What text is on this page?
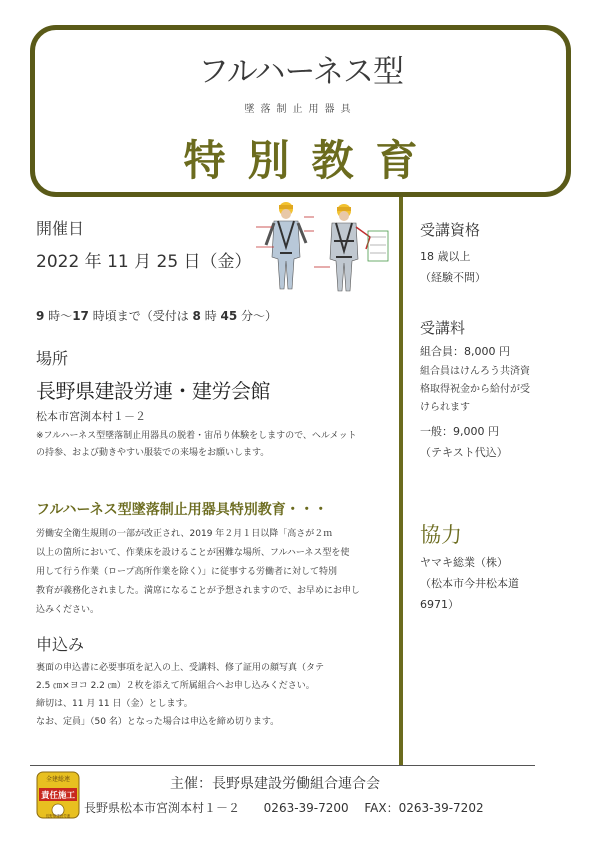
フルハーネス型
墜落制止用器具
特別教育
開催日
2022 年 11 月 25 日（金）
9 時～17 時頃まで（受付は 8 時 45 分～）
場所
長野県建設労連・建労会館
松本市宮渕本村１－２
※フルハーネス型墜落制止用器具の脱着・宙吊り体験をしますので、ヘルメット
の持参、および動きやすい服装での来場をお願いします。
フルハーネス型墜落制止用器具特別教育・・・
労働安全衛生規則の一部が改正され、2019 年２月１日以降「高さが２ｍ
以上の箇所において、作業床を設けることが困難な場所、フルハーネス型を使
用して行う作業（ロープ高所作業を除く）」に従事する労働者に対して特別
教育が義務化されました。満席になることが予想されますので、お早めにお申し
込みください。
申込み
裏面の申込書に必要事項を記入の上、受講料、修了証用の顔写真（タテ
2.5 ㎝×ヨコ 2.2 ㎝）２枚を添えて所属組合へお申し込みください。
締切は、11 月 11 日（金）とします。
なお、定員」（50 名）となった場合は申込を締め切ります。
受講資格
18 歳以上
（経験不問）
受講料
組合員：8,000 円
組合員はけんろう共済資
格取得祝金から給付が受
けられます
一般：9,000 円
（テキスト代込）
協力
ヤマキ総業（株）
（松本市今井松本道
6971）
全建総連
責任施工
長野県建設労連
主催：長野県建設労働組合連合会
長野県松本市宮渕本村１－２ 0263-39-7200 FAX：0263-39-7202
